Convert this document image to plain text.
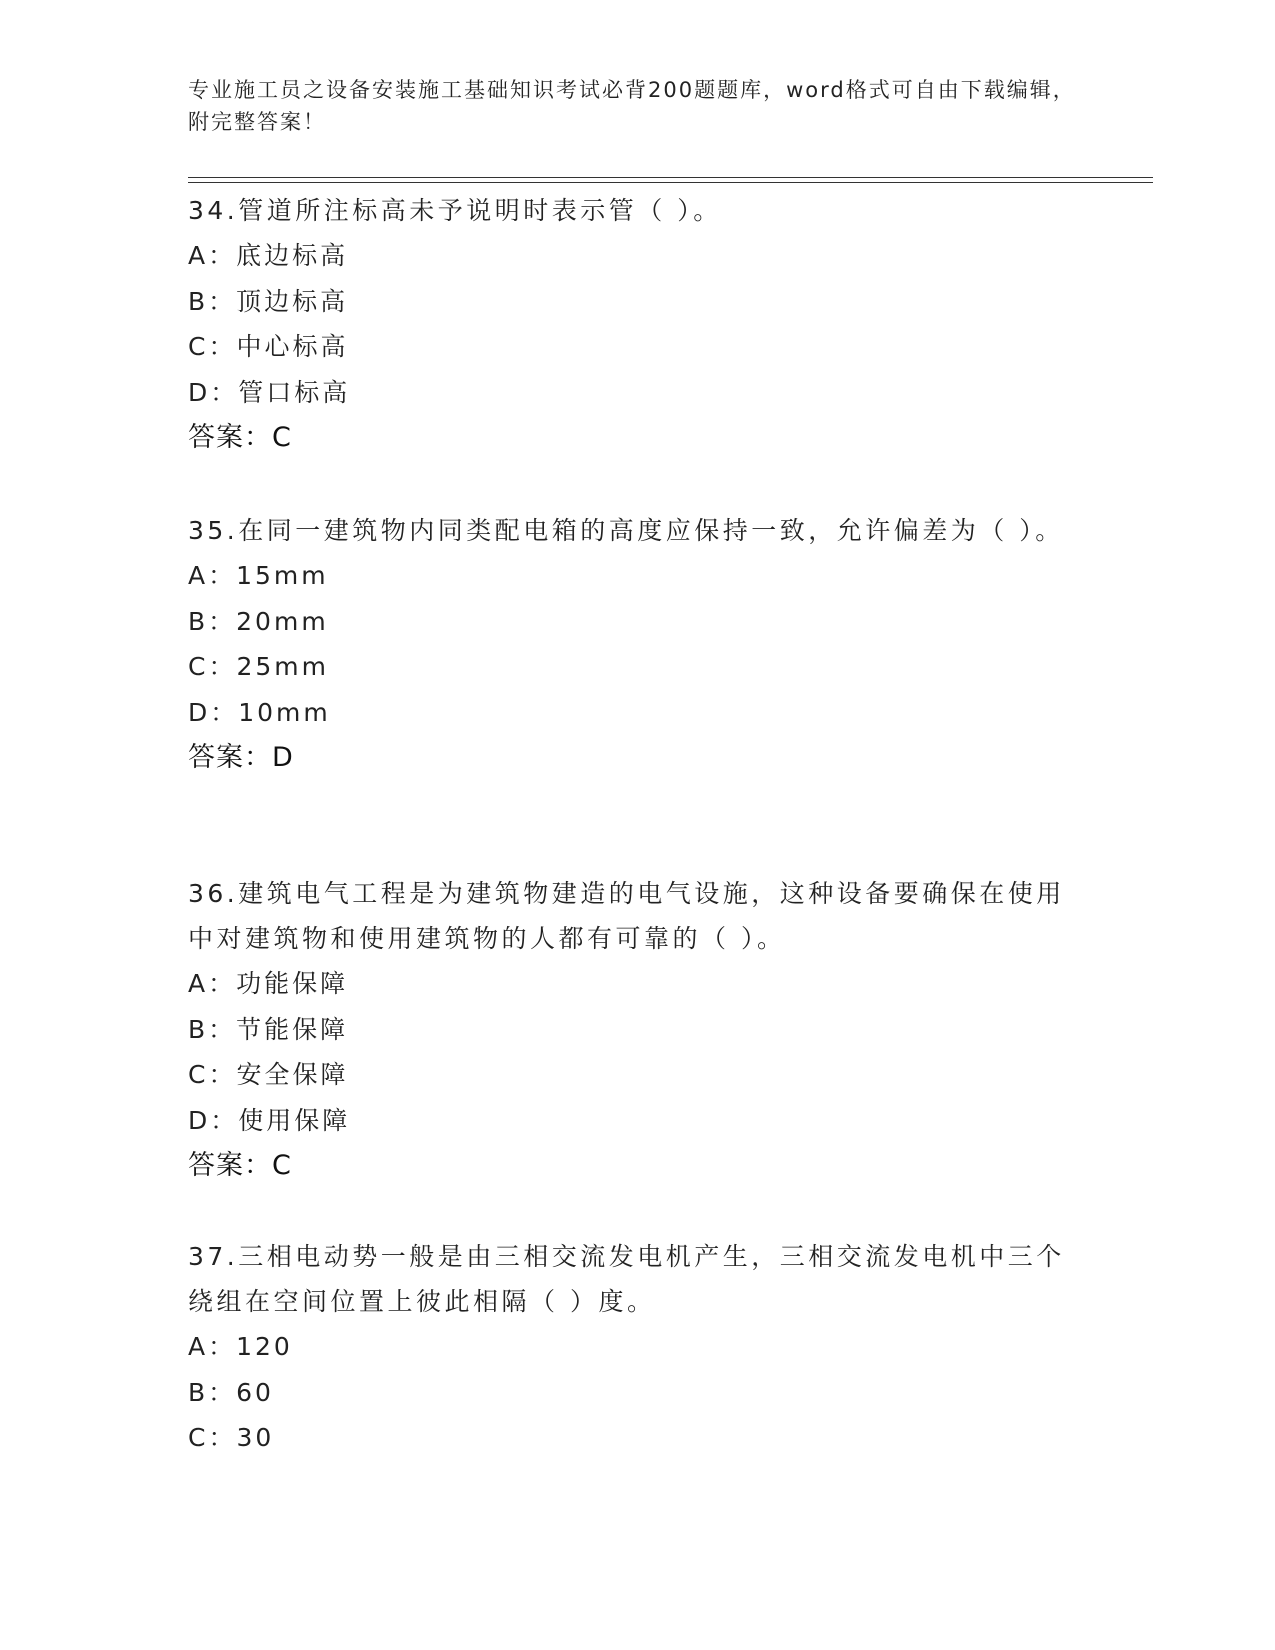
专业施工员之设备安装施工基础知识考试必背200题题库，word格式可自由下载编辑，附完整答案！

34.管道所注标高未予说明时表示管（ ）。

A：底边标高
B：顶边标高
C：中心标高
D：管口标高
答案：C

35.在同一建筑物内同类配电箱的高度应保持一致，允许偏差为（ ）。

A：15mm
B：20mm
C：25mm
D：10mm
答案：D

36.建筑电气工程是为建筑物建造的电气设施，这种设备要确保在使用中对建筑物和使用建筑物的人都有可靠的（ ）。

A：功能保障
B：节能保障
C：安全保障
D：使用保障
答案：C

37.三相电动势一般是由三相交流发电机产生，三相交流发电机中三个绕组在空间位置上彼此相隔（ ）度。

A：120
B：60
C：30
